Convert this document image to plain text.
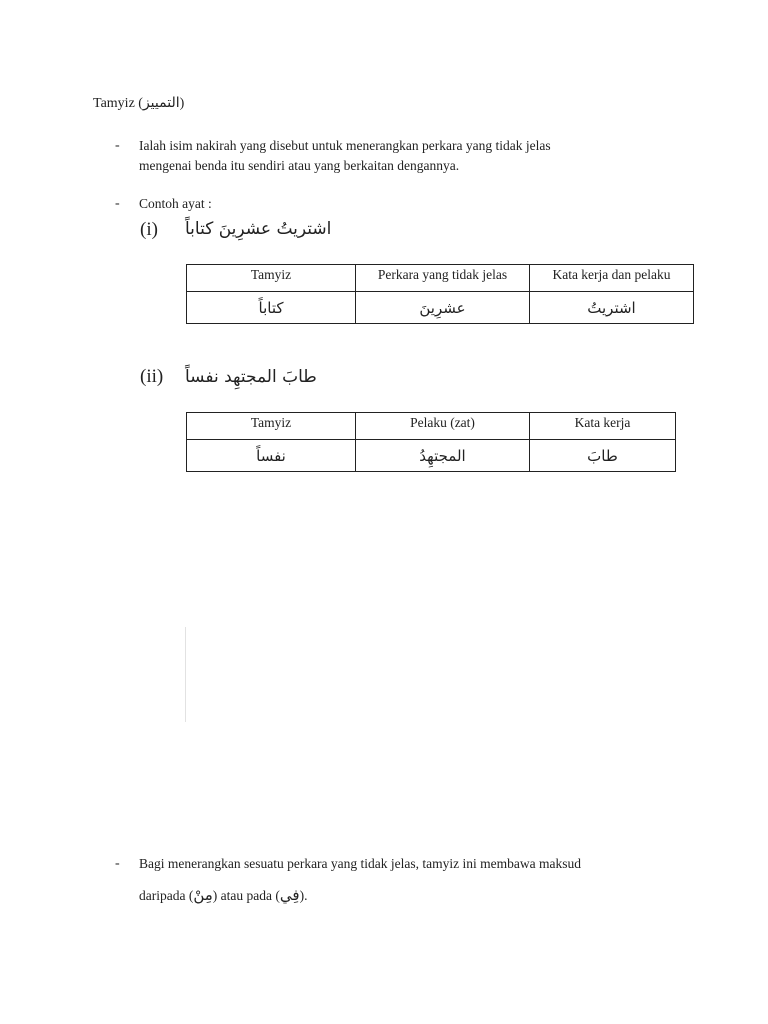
Tamyiz (التمييز)
- Ialah isim nakirah yang disebut untuk menerangkan perkara yang tidak jelas
mengenai benda itu sendiri atau yang berkaitan dengannya.
- Contoh ayat :
(i) اشتريتُ عشرِينَ كتاباً
Tamyiz	Perkara yang tidak jelas	Kata kerja dan pelaku
كتاباً	عشرِينَ	اشتريتُ
(ii) طابَ المجتهِد نفساً
Tamyiz	Pelaku (zat)	Kata kerja
نفساً	المجتهِدُ	طابَ
- Bagi menerangkan sesuatu perkara yang tidak jelas, tamyiz ini membawa maksud
daripada (مِنْ) atau pada (فِي).
